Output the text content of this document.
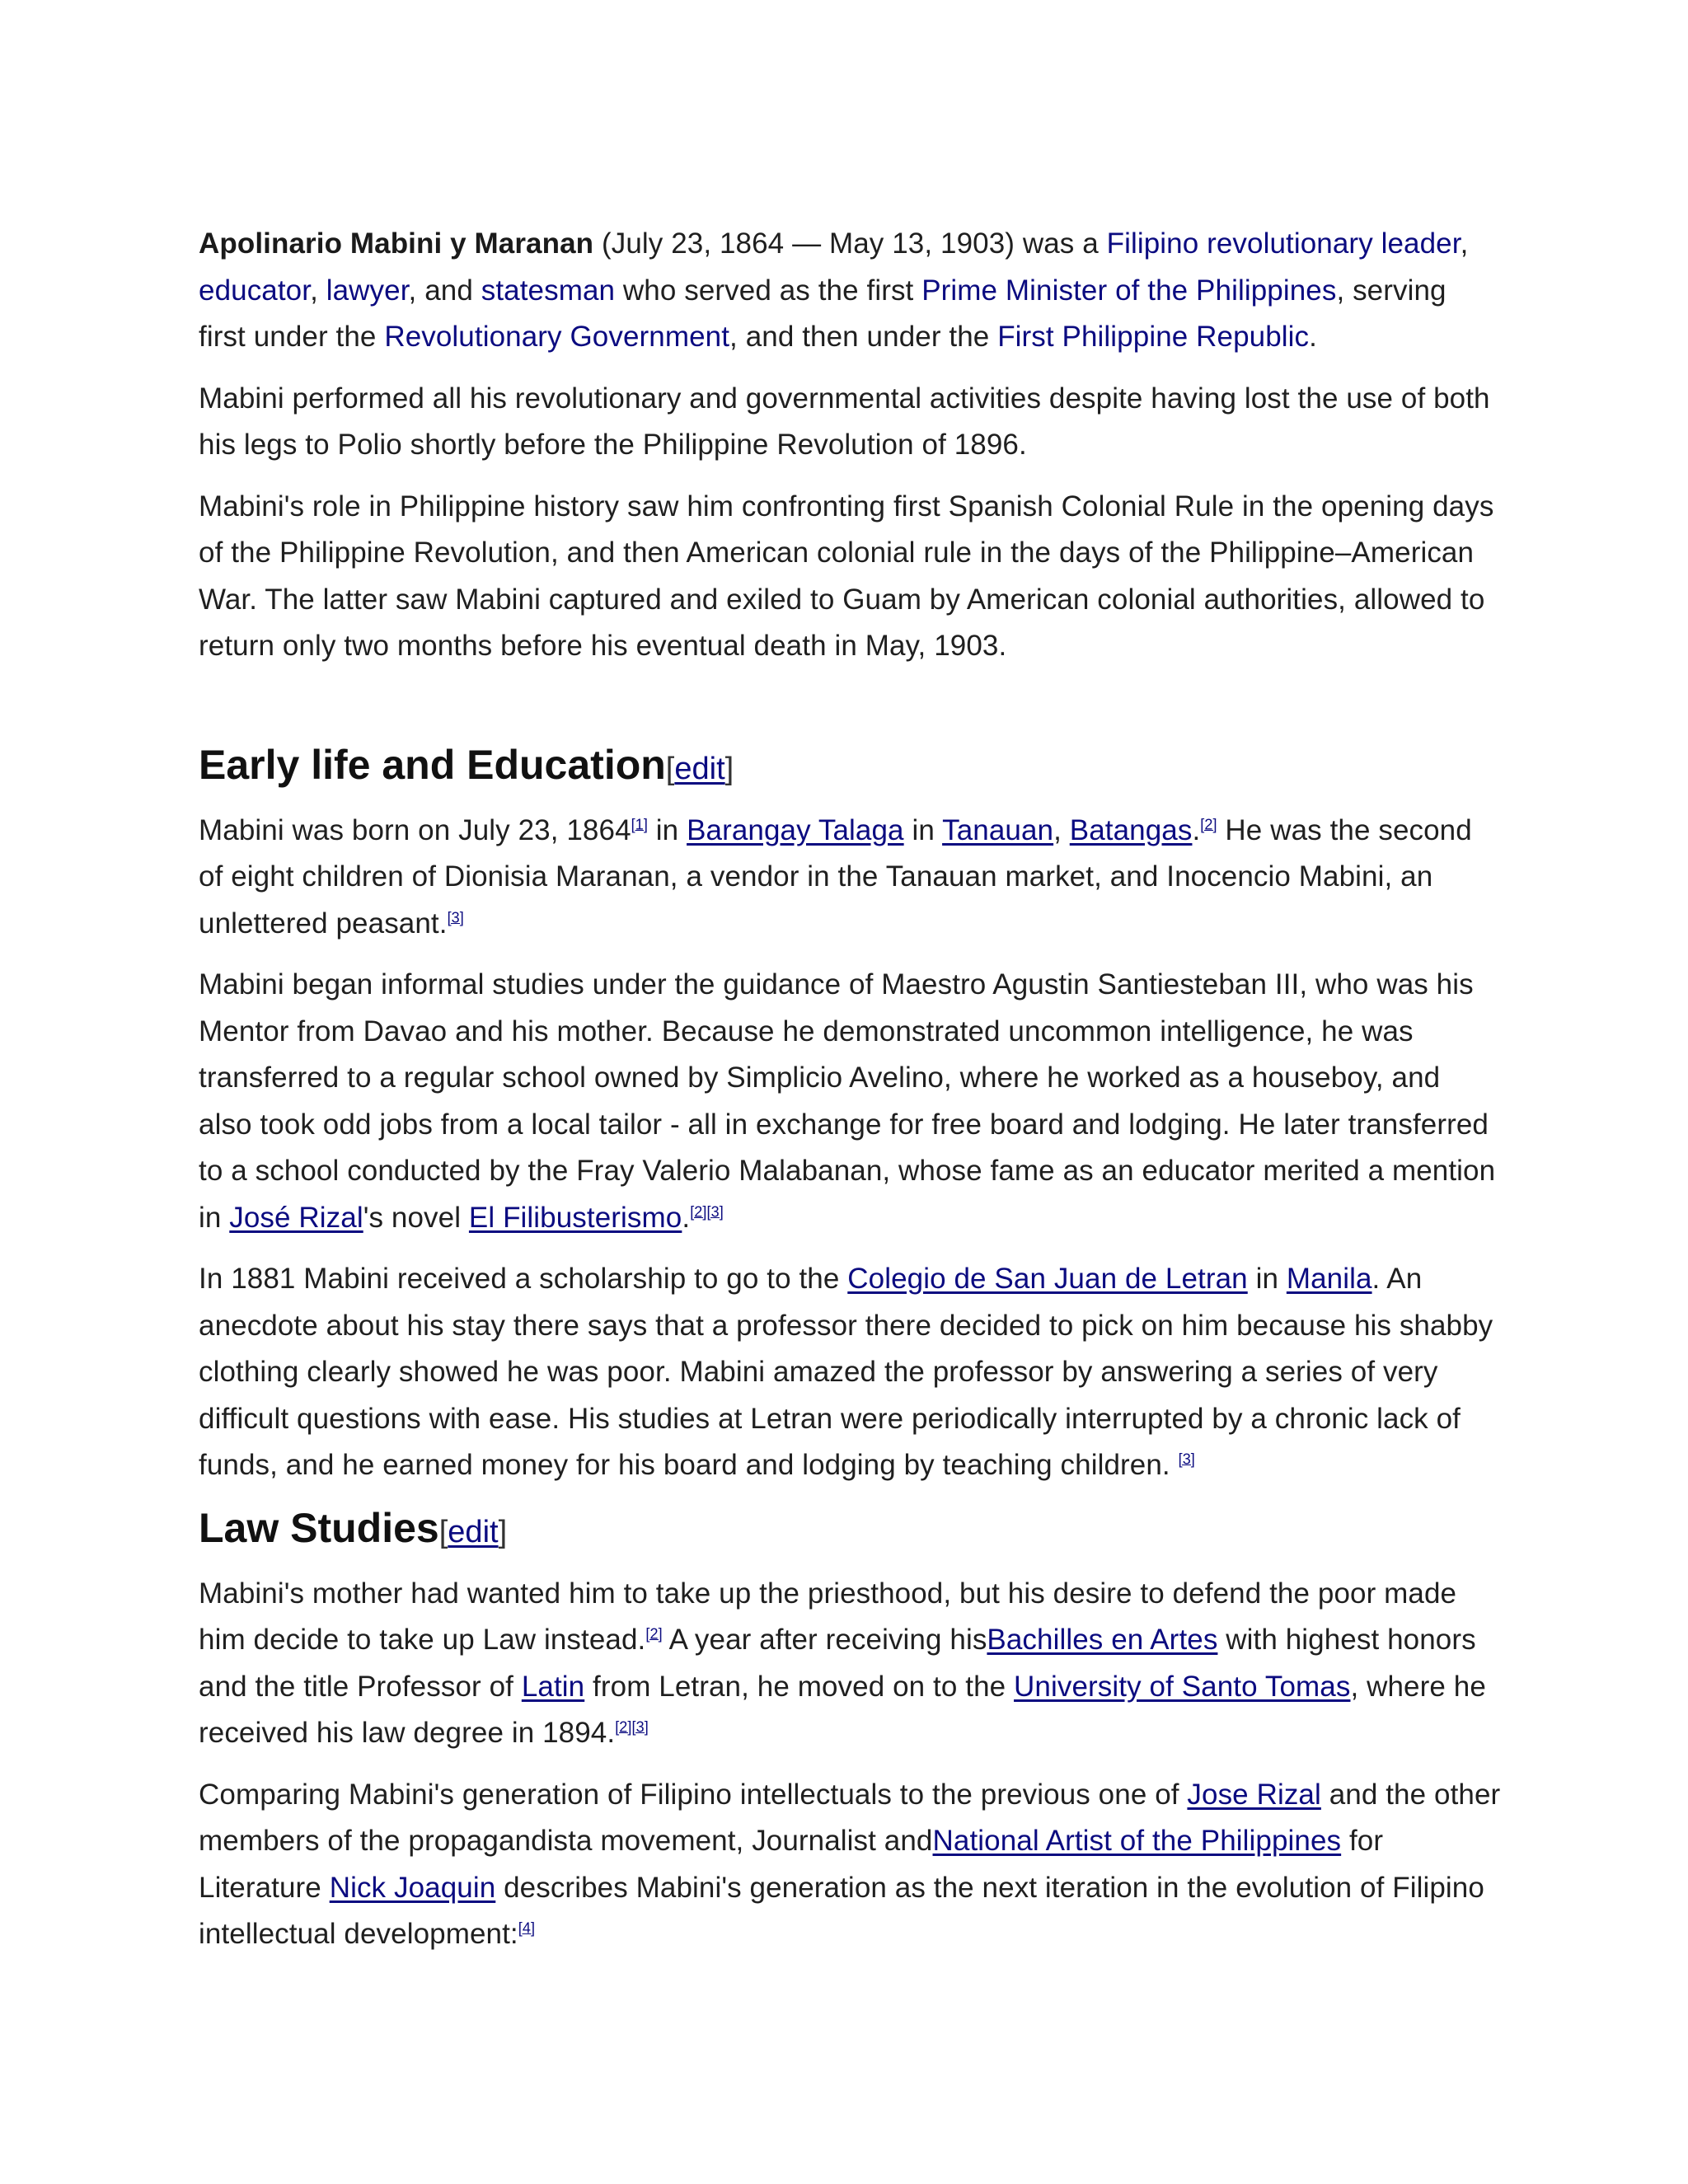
Apolinario Mabini y Maranan (July 23, 1864 — May 13, 1903) was a Filipino revolutionary leader, educator, lawyer, and statesman who served as the first Prime Minister of the Philippines, serving first under the Revolutionary Government, and then under the First Philippine Republic.

Mabini performed all his revolutionary and governmental activities despite having lost the use of both his legs to Polio shortly before the Philippine Revolution of 1896.

Mabini's role in Philippine history saw him confronting first Spanish Colonial Rule in the opening days of the Philippine Revolution, and then American colonial rule in the days of the Philippine–American War. The latter saw Mabini captured and exiled to Guam by American colonial authorities, allowed to return only two months before his eventual death in May, 1903.

Early life and Education[edit]

Mabini was born on July 23, 1864[1] in Barangay Talaga in Tanauan, Batangas.[2] He was the second of eight children of Dionisia Maranan, a vendor in the Tanauan market, and Inocencio Mabini, an unlettered peasant.[3]

Mabini began informal studies under the guidance of Maestro Agustin Santiesteban III, who was his Mentor from Davao and his mother. Because he demonstrated uncommon intelligence, he was transferred to a regular school owned by Simplicio Avelino, where he worked as a houseboy, and also took odd jobs from a local tailor - all in exchange for free board and lodging. He later transferred to a school conducted by the Fray Valerio Malabanan, whose fame as an educator merited a mention in José Rizal's novel El Filibusterismo.[2][3]

In 1881 Mabini received a scholarship to go to the Colegio de San Juan de Letran in Manila. An anecdote about his stay there says that a professor there decided to pick on him because his shabby clothing clearly showed he was poor. Mabini amazed the professor by answering a series of very difficult questions with ease. His studies at Letran were periodically interrupted by a chronic lack of funds, and he earned money for his board and lodging by teaching children. [3]

Law Studies[edit]

Mabini's mother had wanted him to take up the priesthood, but his desire to defend the poor made him decide to take up Law instead.[2] A year after receiving hisBachilles en Artes with highest honors and the title Professor of Latin from Letran, he moved on to the University of Santo Tomas, where he received his law degree in 1894.[2][3]

Comparing Mabini's generation of Filipino intellectuals to the previous one of Jose Rizal and the other members of the propagandista movement, Journalist andNational Artist of the Philippines for Literature Nick Joaquin describes Mabini's generation as the next iteration in the evolution of Filipino intellectual development:[4]
